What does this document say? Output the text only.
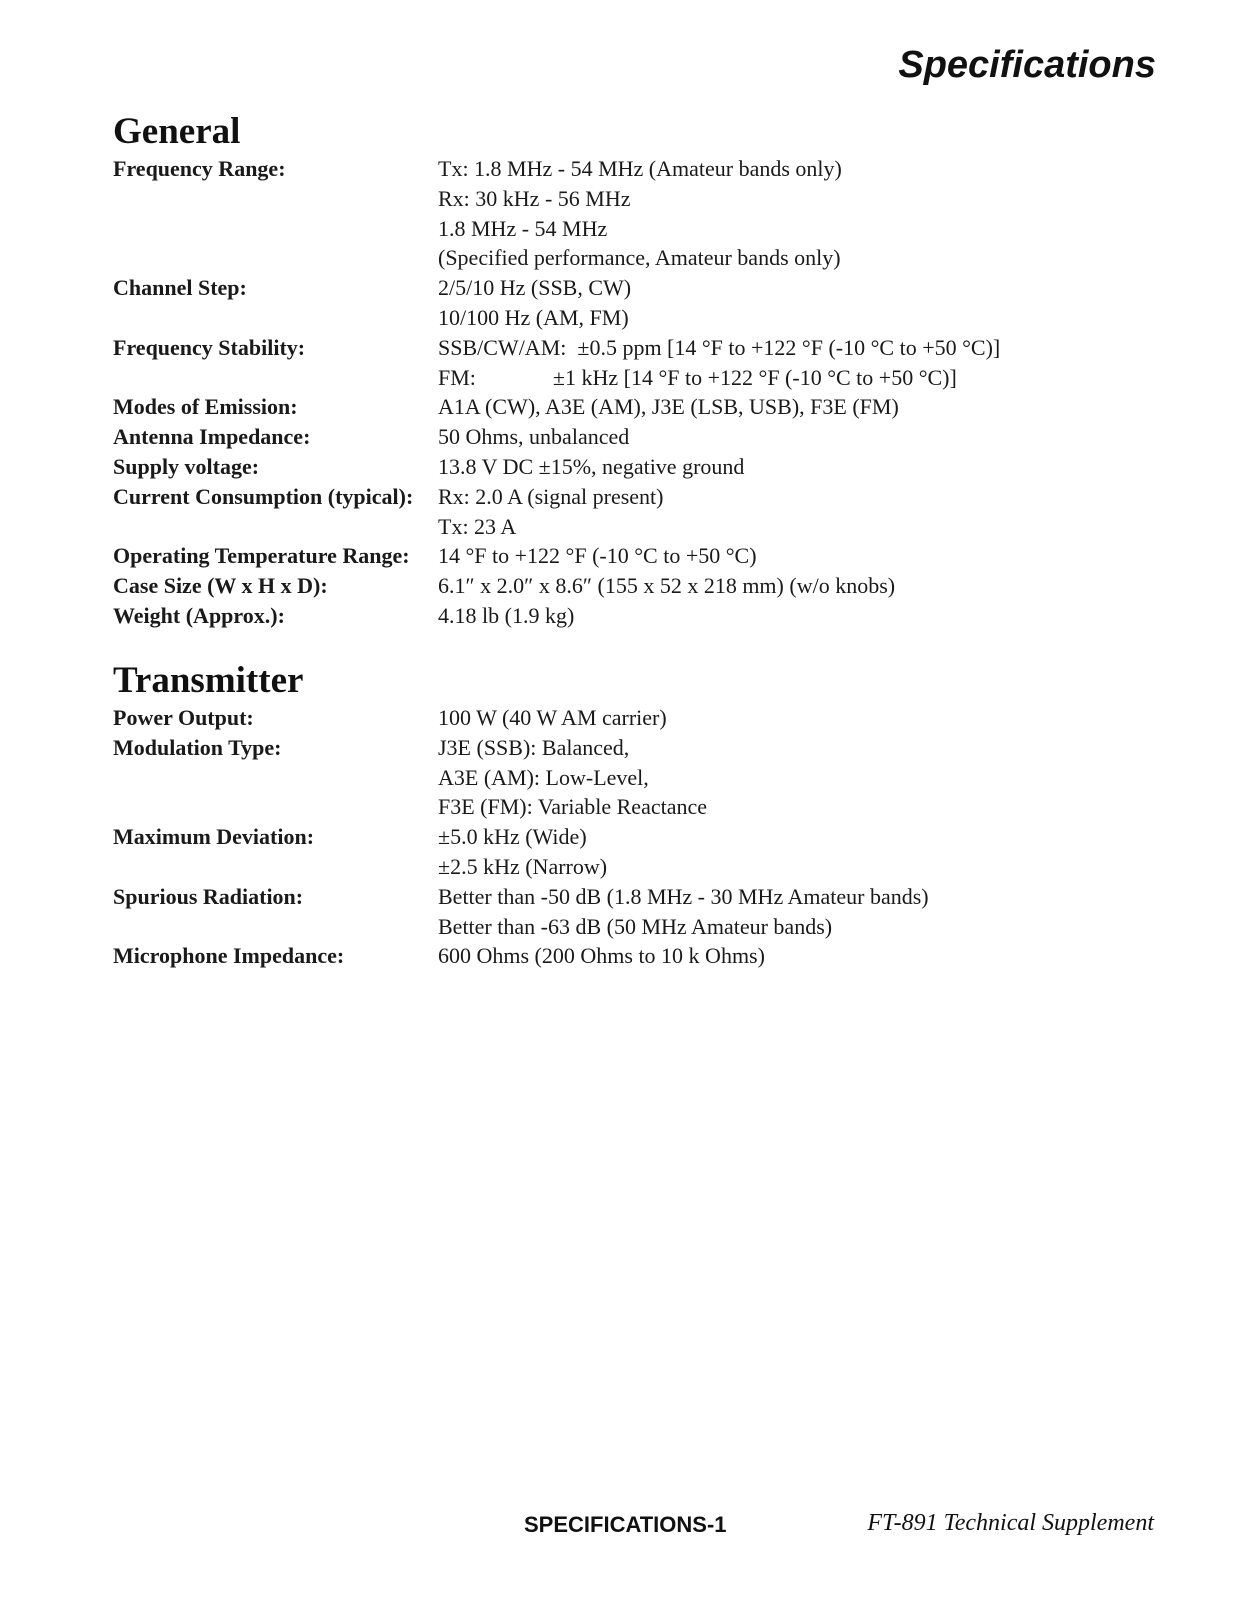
Specifications
General
Frequency Range:	Tx: 1.8 MHz - 54 MHz (Amateur bands only)
Rx: 30 kHz - 56 MHz
1.8 MHz - 54 MHz
(Specified performance, Amateur bands only)
Channel Step:	2/5/10 Hz (SSB, CW)
10/100 Hz (AM, FM)
Frequency Stability:	SSB/CW/AM:  ±0.5 ppm [14 °F to +122 °F (-10 °C to +50 °C)]
FM:              ±1 kHz [14 °F to +122 °F (-10 °C to +50 °C)]
Modes of Emission:	A1A (CW), A3E (AM), J3E (LSB, USB), F3E (FM)
Antenna Impedance:	50 Ohms, unbalanced
Supply voltage:	13.8 V DC ±15%, negative ground
Current Consumption (typical):	Rx: 2.0 A (signal present)
Tx: 23 A
Operating Temperature Range:	14 °F to +122 °F (-10 °C to +50 °C)
Case Size (W x H x D):	6.1″ x 2.0″ x 8.6″ (155 x 52 x 218 mm) (w/o knobs)
Weight (Approx.):	4.18 lb (1.9 kg)
Transmitter
Power Output:	100 W (40 W AM carrier)
Modulation Type:	J3E (SSB): Balanced,
A3E (AM): Low-Level,
F3E (FM): Variable Reactance
Maximum Deviation:	±5.0 kHz (Wide)
±2.5 kHz (Narrow)
Spurious Radiation:	Better than -50 dB (1.8 MHz - 30 MHz Amateur bands)
Better than -63 dB (50 MHz Amateur bands)
Microphone Impedance:	600 Ohms (200 Ohms to 10 k Ohms)
SPECIFICATIONS-1	FT-891 Technical Supplement
